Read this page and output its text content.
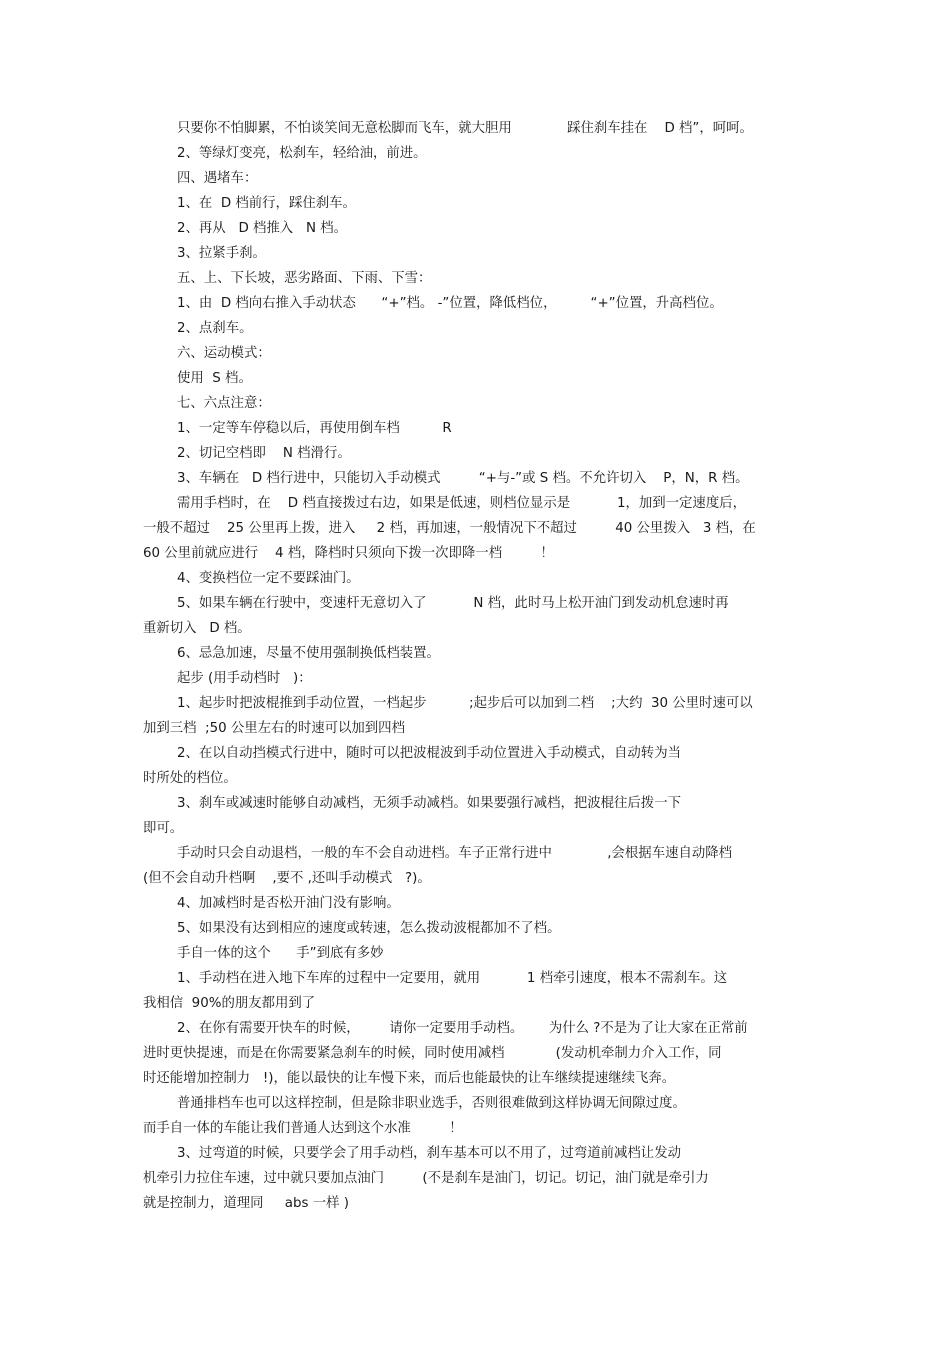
只要你不怕脚累，不怕谈笑间无意松脚而飞车，就大胆用             踩住刹车挂在    D 档”，呵呵。
2、等绿灯变亮，松刹车，轻给油，前进。
四、遇堵车：
1、在  D 档前行，踩住刹车。
2、再从   D 档推入   N 档。
3、拉紧手刹。
五、上、下长坡，恶劣路面、下雨、下雪：
1、由  D 档向右推入手动状态      “+”档。 -”位置，降低档位，        “+”位置，升高档位。
2、点刹车。
六、运动模式：
使用  S 档。
七、六点注意：
1、一定等车停稳以后，再使用倒车档          R
2、切记空档即    N 档滑行。
3、车辆在   D 档行进中，只能切入手动模式         “+与-”或 S 档。不允许切入    P，N，R 档。
需用手档时，在    D 档直接拨过右边，如果是低速，则档位显示是           1，加到一定速度后，
一般不超过    25 公里再上拨，进入     2 档，再加速，一般情况下不超过         40 公里拨入   3 档，在
60 公里前就应进行    4 档，降档时只须向下拨一次即降一档         ！
4、变换档位一定不要踩油门。
5、如果车辆在行驶中，变速杆无意切入了           N 档，此时马上松开油门到发动机怠速时再
重新切入   D 档。
6、忌急加速，尽量不使用强制换低档装置。
起步 (用手动档时   )：
1、起步时把波棍推到手动位置，一档起步          ;起步后可以加到二档    ;大约  30 公里时速可以
加到三档  ;50 公里左右的时速可以加到四档
2、在以自动挡模式行进中，随时可以把波棍波到手动位置进入手动模式，自动转为当
时所处的档位。
3、刹车或减速时能够自动减档，无须手动减档。如果要强行减档，把波棍往后拨一下
即可。
手动时只会自动退档，一般的车不会自动进档。车子正常行进中             ,会根据车速自动降档
(但不会自动升档啊    ,要不 ,还叫手动模式   ?)。
4、加减档时是否松开油门没有影响。
5、如果没有达到相应的速度或转速，怎么拨动波棍都加不了档。
手自一体的这个      手”到底有多妙
1、手动档在进入地下车库的过程中一定要用，就用           1 档牵引速度，根本不需刹车。这
我相信  90%的朋友都用到了
2、在你有需要开快车的时候，       请你一定要用手动档。      为什么 ?不是为了让大家在正常前
进时更快提速，而是在你需要紧急刹车的时候，同时使用减档            (发动机牵制力介入工作，同
时还能增加控制力   !)，能以最快的让车慢下来，而后也能最快的让车继续提速继续飞奔。
普通排档车也可以这样控制，但是除非职业选手，否则很难做到这样协调无间隙过度。
而手自一体的车能让我们普通人达到这个水准         ！
3、过弯道的时候，只要学会了用手动档，刹车基本可以不用了，过弯道前减档让发动
机牵引力拉住车速，过中就只要加点油门         (不是刹车是油门，切记。切记，油门就是牵引力
就是控制力，道理同     abs 一样 )
